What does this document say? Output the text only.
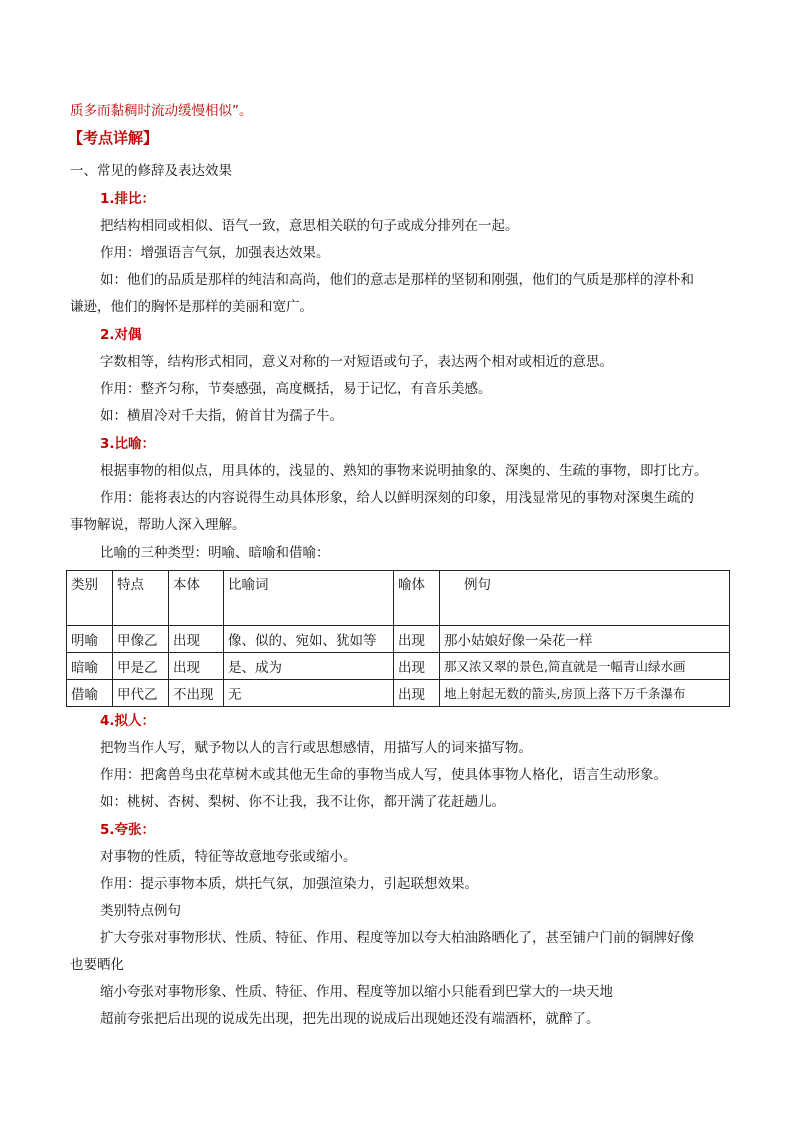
质多而黏稠时流动缓慢相似”。
【考点详解】
一、常见的修辞及表达效果
1.排比：
把结构相同或相似、语气一致，意思相关联的句子或成分排列在一起。
作用：增强语言气氛，加强表达效果。
如：他们的品质是那样的纯洁和高尚，他们的意志是那样的坚韧和刚强，他们的气质是那样的淳朴和
谦逊，他们的胸怀是那样的美丽和宽广。
2.对偶
字数相等，结构形式相同，意义对称的一对短语或句子，表达两个相对或相近的意思。
作用：整齐匀称，节奏感强，高度概括，易于记忆，有音乐美感。
如：横眉冷对千夫指，俯首甘为孺子牛。
3.比喻：
根据事物的相似点，用具体的，浅显的、熟知的事物来说明抽象的、深奥的、生疏的事物，即打比方。
作用：能将表达的内容说得生动具体形象，给人以鲜明深刻的印象，用浅显常见的事物对深奥生疏的
事物解说，帮助人深入理解。
比喻的三种类型：明喻、暗喻和借喻：
类别	特点	本体	比喻词	喻体	例句
明喻	甲像乙	出现	像、似的、宛如、犹如等	出现	那小姑娘好像一朵花一样
暗喻	甲是乙	出现	是、成为	出现	那又浓又翠的景色,简直就是一幅青山绿水画
借喻	甲代乙	不出现	无	出现	地上射起无数的箭头,房顶上落下万千条瀑布
4.拟人：
把物当作人写，赋予物以人的言行或思想感情，用描写人的词来描写物。
作用：把禽兽鸟虫花草树木或其他无生命的事物当成人写，使具体事物人格化，语言生动形象。
如：桃树、杏树、梨树、你不让我，我不让你，都开满了花赶趟儿。
5.夸张：
对事物的性质，特征等故意地夸张或缩小。
作用：提示事物本质，烘托气氛，加强渲染力，引起联想效果。
类别特点例句
扩大夸张对事物形状、性质、特征、作用、程度等加以夸大柏油路晒化了，甚至铺户门前的铜牌好像
也要晒化
缩小夸张对事物形象、性质、特征、作用、程度等加以缩小只能看到巴掌大的一块天地
超前夸张把后出现的说成先出现，把先出现的说成后出现她还没有端酒杯，就醉了。
